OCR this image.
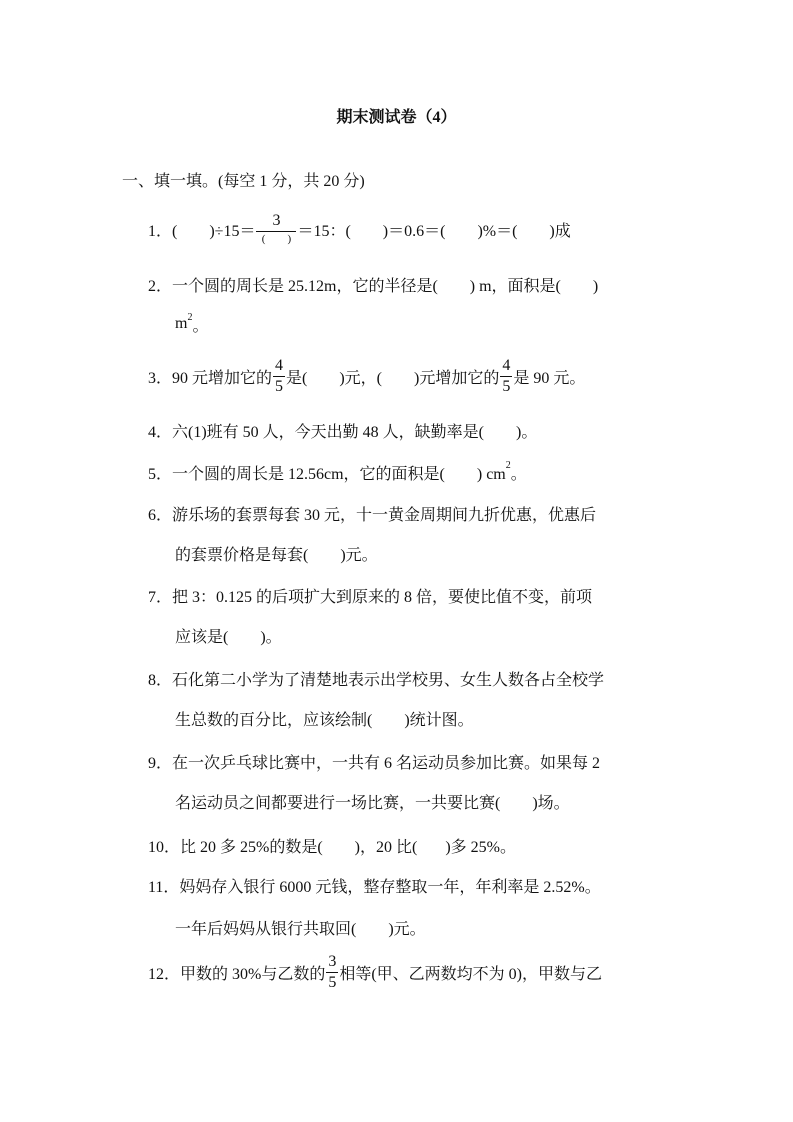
期末测试卷（4）
一、填一填。(每空 1 分，共 20 分)
1．(        )$\div 15= \frac{3}{( )} =15$：(        )＝0.6＝(        )%＝(        )成
2．一个圆的周长是 25.12m，它的半径是(        ) m，面积是(        )
$m^2$ 。
3．90 元增加它的 $\frac{4}{5}$ 是(        )元，(        )元增加它的 $\frac{4}{5}$ 是 90 元。
4．六(1)班有 50 人，今天出勤 48 人，缺勤率是(        )。
5．一个圆的周长是 12.56cm，它的面积是(        ) $cm^2$ 。
6．游乐场的套票每套 30 元，十一黄金周期间九折优惠，优惠后
的套票价格是每套(        )元。
7．把 3：0.125 的后项扩大到原来的 8 倍，要使比值不变，前项
应该是(        )。
8．石化第二小学为了清楚地表示出学校男、女生人数各占全校学
生总数的百分比，应该绘制(        )统计图。
9．在一次乒乓球比赛中，一共有 6 名运动员参加比赛。如果每 2
名运动员之间都要进行一场比赛，一共要比赛(        )场。
10．比 20 多 25%的数是(        )，20 比(       )多 25%。
11．妈妈存入银行 6000 元钱，整存整取一年，年利率是 2.52%。
一年后妈妈从银行共取回(        )元。
12．甲数的 30%与乙数的 $\frac{3}{5}$ 相等(甲、乙两数均不为 0)，甲数与乙
